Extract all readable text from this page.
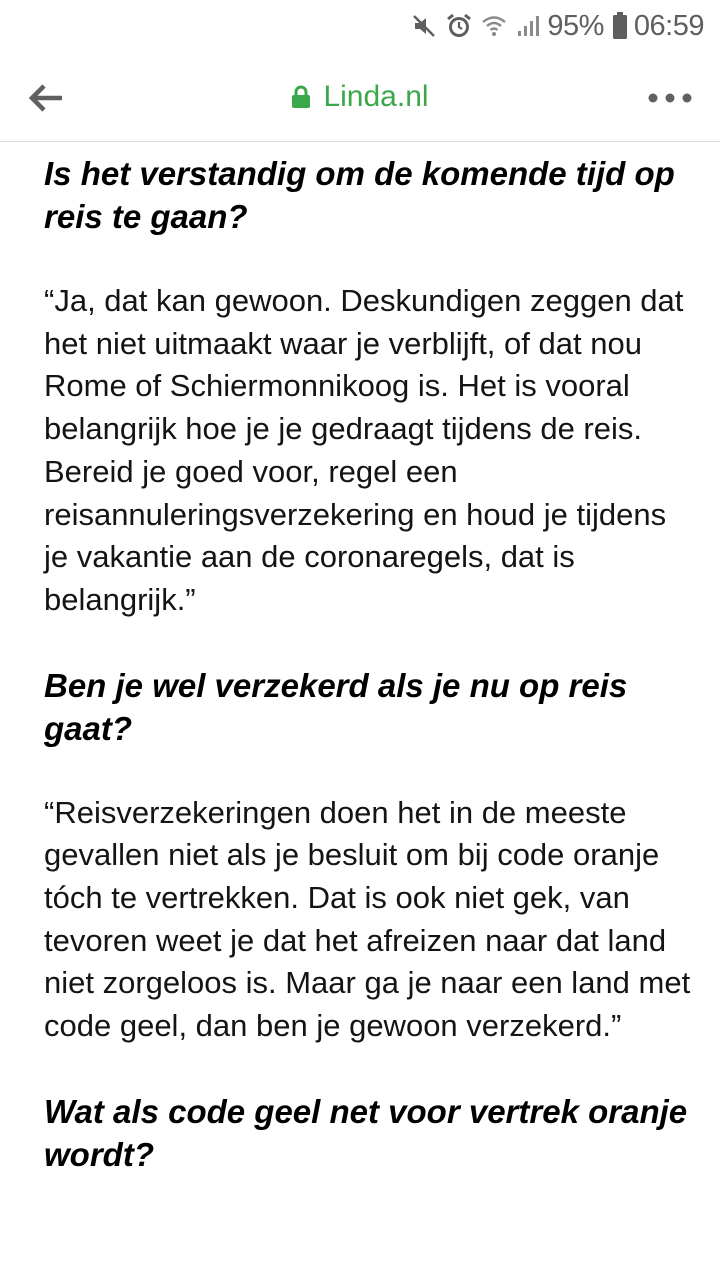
95% 06:59
Linda.nl
Is het verstandig om de komende tijd op reis te gaan?

“Ja, dat kan gewoon. Deskundigen zeggen dat het niet uitmaakt waar je verblijft, of dat nou Rome of Schiermonnikoog is. Het is vooral belangrijk hoe je je gedraagt tijdens de reis. Bereid je goed voor, regel een reisannuleringsverzekering en houd je tijdens je vakantie aan de coronaregels, dat is belangrijk.”

Ben je wel verzekerd als je nu op reis gaat?

“Reisverzekeringen doen het in de meeste gevallen niet als je besluit om bij code oranje tóch te vertrekken. Dat is ook niet gek, van tevoren weet je dat het afreizen naar dat land niet zorgeloos is. Maar ga je naar een land met code geel, dan ben je gewoon verzekerd.”

Wat als code geel net voor vertrek oranje wordt?
